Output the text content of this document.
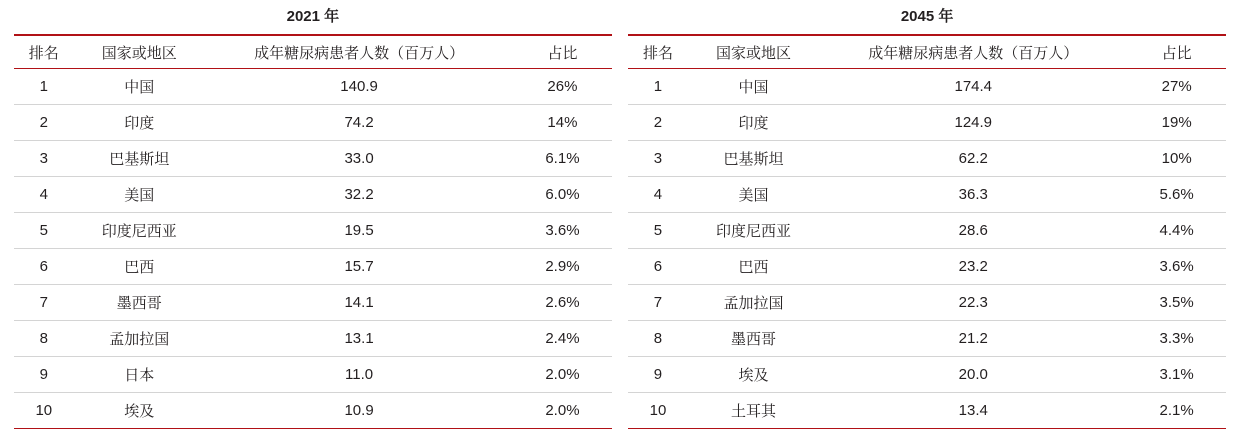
2021 年					2045 年			
排名	国家或地区	成年糖尿病患者人数（百万人）	占比		排名	国家或地区	成年糖尿病患者人数（百万人）	占比
1	中国	140.9	26%		1	中国	174.4	27%
2	印度	74.2	14%		2	印度	124.9	19%
3	巴基斯坦	33.0	6.1%		3	巴基斯坦	62.2	10%
4	美国	32.2	6.0%		4	美国	36.3	5.6%
5	印度尼西亚	19.5	3.6%		5	印度尼西亚	28.6	4.4%
6	巴西	15.7	2.9%		6	巴西	23.2	3.6%
7	墨西哥	14.1	2.6%		7	孟加拉国	22.3	3.5%
8	孟加拉国	13.1	2.4%		8	墨西哥	21.2	3.3%
9	日本	11.0	2.0%		9	埃及	20.0	3.1%
10	埃及	10.9	2.0%		10	土耳其	13.4	2.1%
